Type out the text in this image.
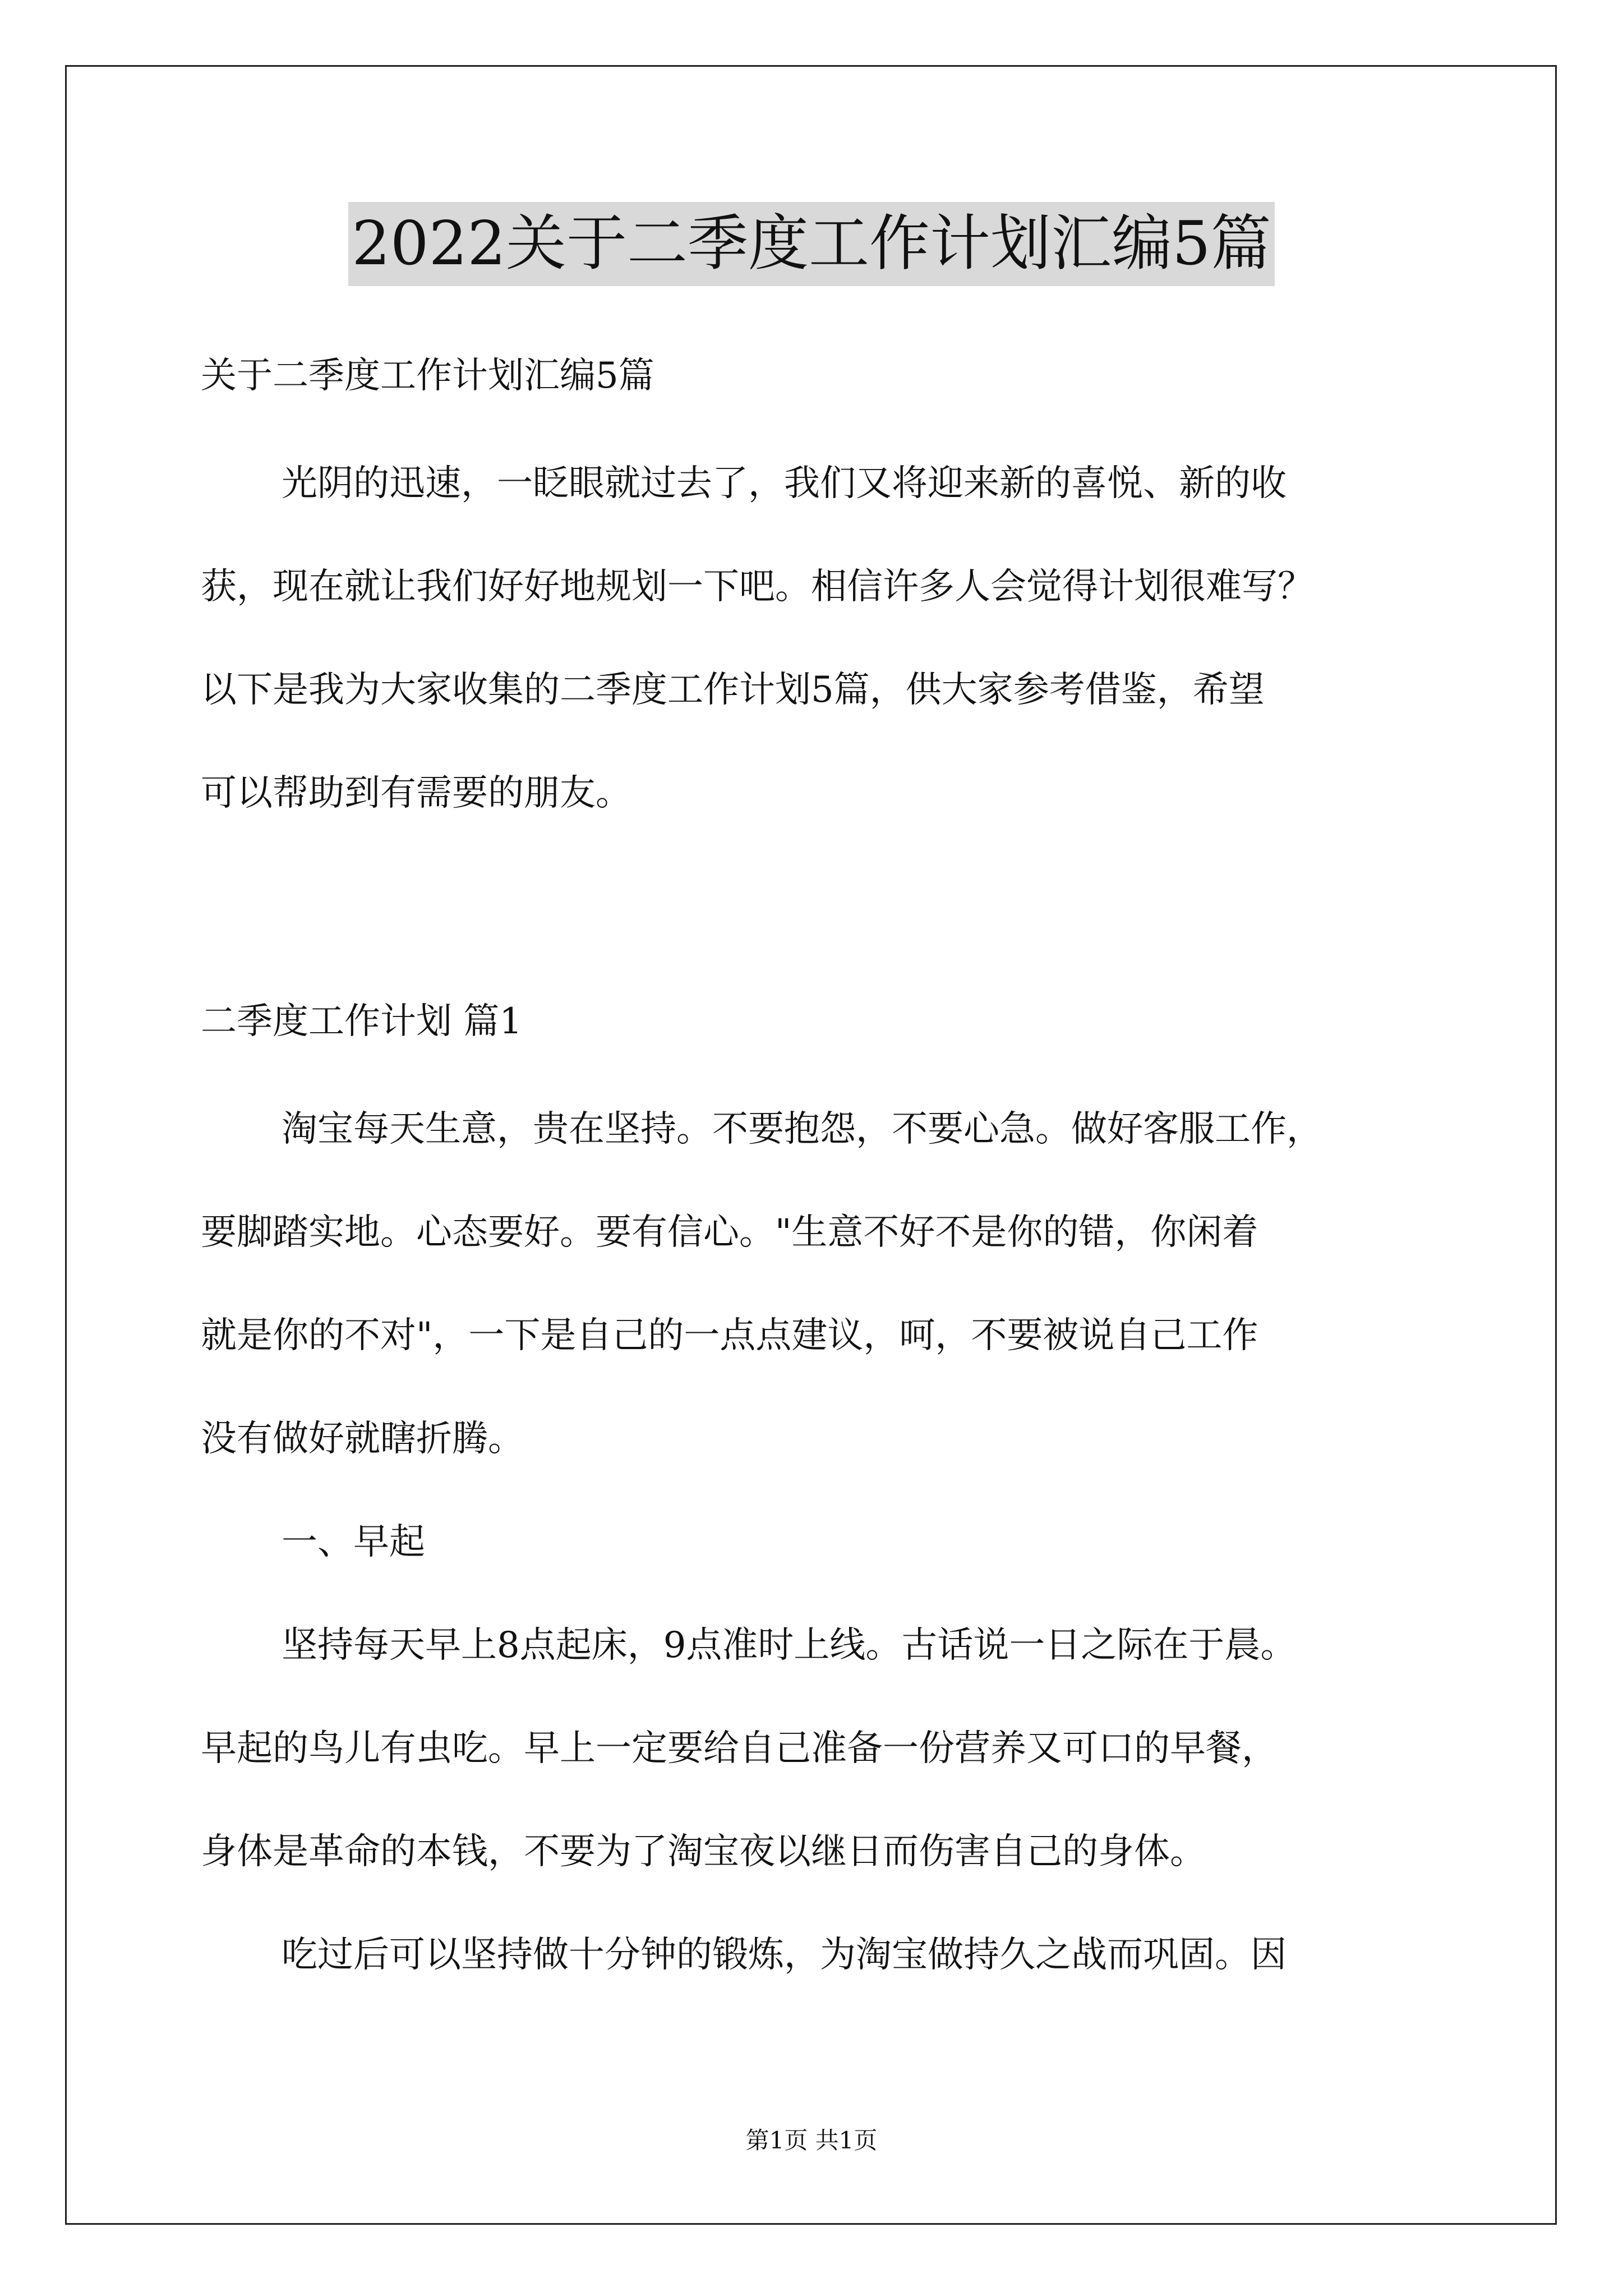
2022关于二季度工作计划汇编5篇
关于二季度工作计划汇编5篇
光阴的迅速，一眨眼就过去了，我们又将迎来新的喜悦、新的收
获，现在就让我们好好地规划一下吧。相信许多人会觉得计划很难写？
以下是我为大家收集的二季度工作计划5篇，供大家参考借鉴，希望
可以帮助到有需要的朋友。
二季度工作计划 篇1
淘宝每天生意，贵在坚持。不要抱怨，不要心急。做好客服工作，
要脚踏实地。心态要好。要有信心。"生意不好不是你的错，你闲着
就是你的不对"，一下是自己的一点点建议，呵，不要被说自己工作
没有做好就瞎折腾。
一、早起
坚持每天早上8点起床，9点准时上线。古话说一日之际在于晨。
早起的鸟儿有虫吃。早上一定要给自己准备一份营养又可口的早餐，
身体是革命的本钱，不要为了淘宝夜以继日而伤害自己的身体。
吃过后可以坚持做十分钟的锻炼，为淘宝做持久之战而巩固。因
第1页 共1页
